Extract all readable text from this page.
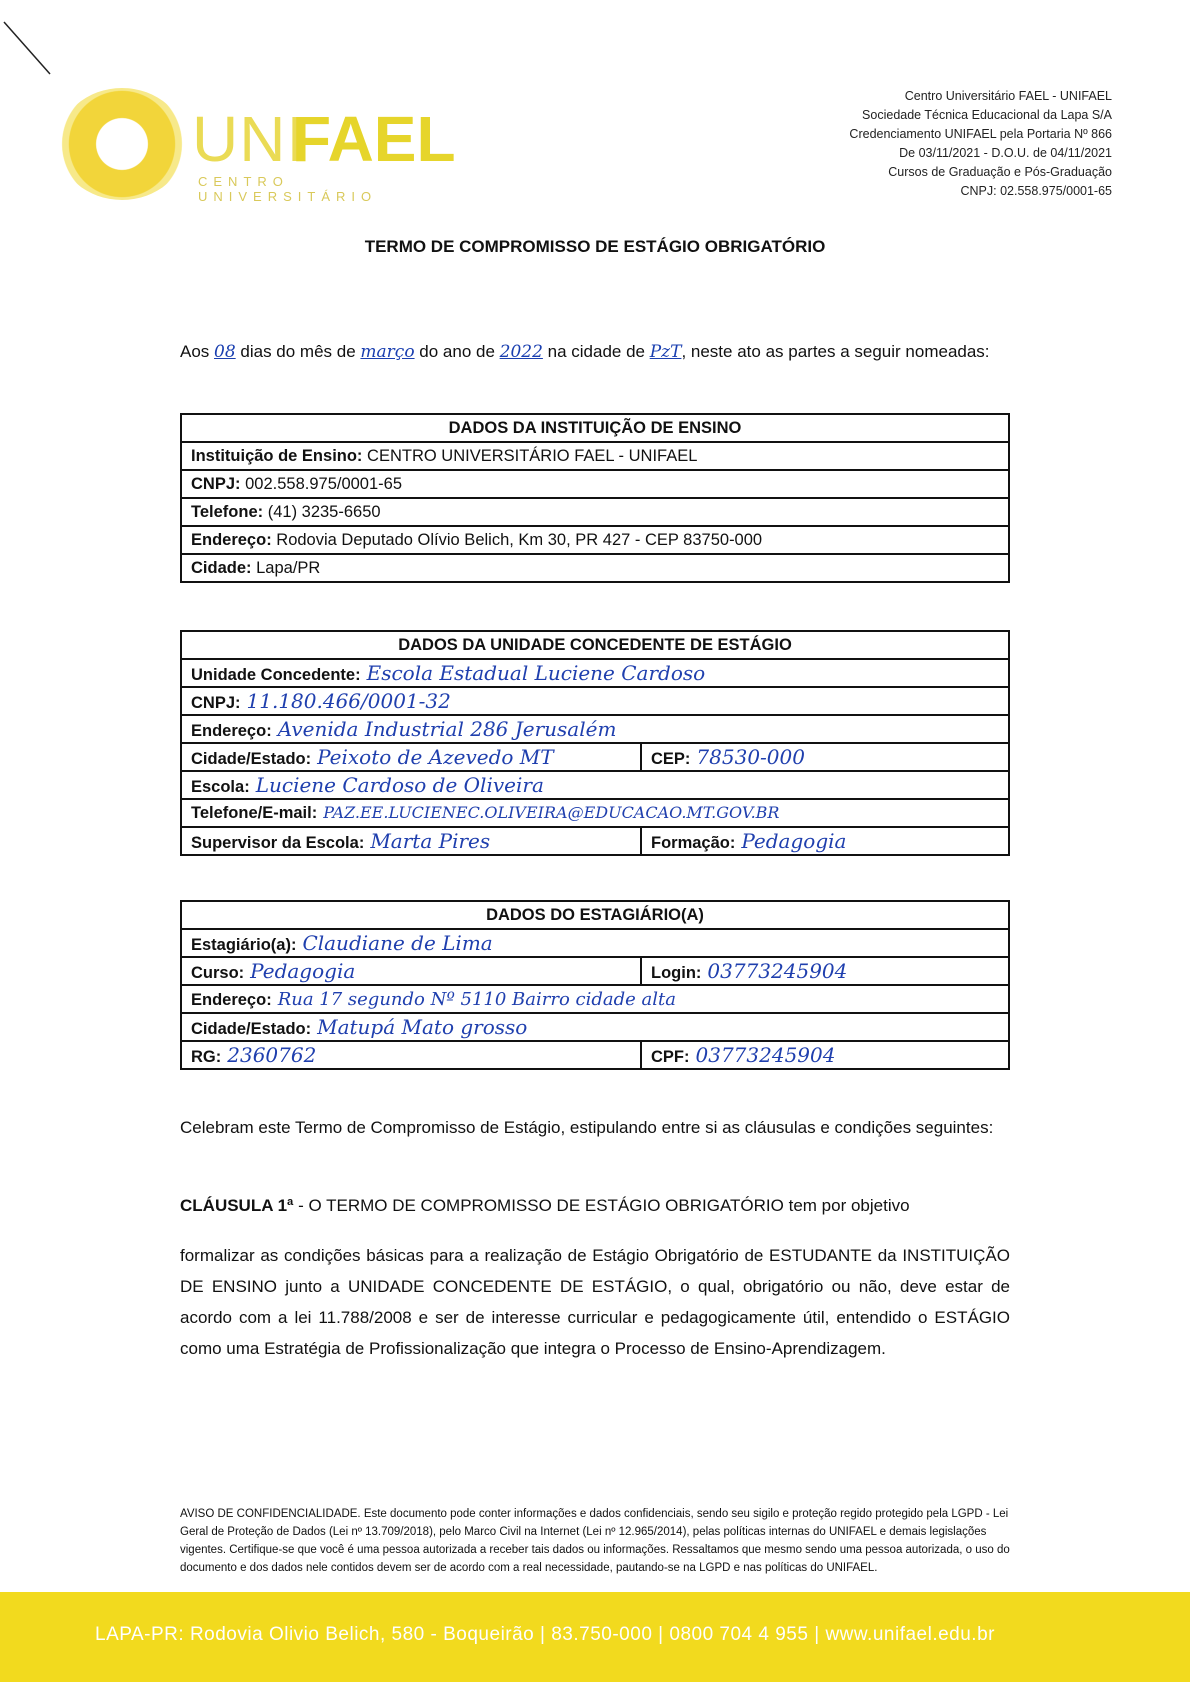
UNI
FAEL
CENTRO UNIVERSITÁRIO
Centro Universitário FAEL - UNIFAEL
Sociedade Técnica Educacional da Lapa S/A
Credenciamento UNIFAEL pela Portaria Nº 866
De 03/11/2021 - D.O.U. de 04/11/2021
Cursos de Graduação e Pós-Graduação
CNPJ: 02.558.975/0001-65
TERMO DE COMPROMISSO DE ESTÁGIO OBRIGATÓRIO
Aos 08 dias do mês de março do ano de 2022 na cidade de PzT, neste ato as partes a seguir nomeadas:
DADOS DA INSTITUIÇÃO DE ENSINO
Instituição de Ensino: CENTRO UNIVERSITÁRIO FAEL - UNIFAEL
CNPJ: 002.558.975/0001-65
Telefone: (41) 3235-6650
Endereço: Rodovia Deputado Olívio Belich, Km 30, PR 427 - CEP 83750-000
Cidade: Lapa/PR
DADOS DA UNIDADE CONCEDENTE DE ESTÁGIO	
Unidade Concedente: Escola Estadual Luciene Cardoso	
CNPJ: 11.180.466/0001-32	
Endereço: Avenida Industrial 286 Jerusalém	
Cidade/Estado: Peixoto de Azevedo MT	CEP: 78530-000
Escola: Luciene Cardoso de Oliveira	
Telefone/E-mail: PAZ.EE.LUCIENEC.OLIVEIRA@EDUCACAO.MT.GOV.BR	
Supervisor da Escola: Marta Pires	Formação: Pedagogia
DADOS DO ESTAGIÁRIO(A)	
Estagiário(a): Claudiane de Lima	
Curso: Pedagogia	Login: 03773245904
Endereço: Rua 17 segundo Nº 5110 Bairro cidade alta	
Cidade/Estado: Matupá Mato grosso	
RG: 2360762	CPF: 03773245904
Celebram este Termo de Compromisso de Estágio, estipulando entre si as cláusulas e condições seguintes:
CLÁUSULA 1ª - O TERMO DE COMPROMISSO DE ESTÁGIO OBRIGATÓRIO tem por objetivo
formalizar as condições básicas para a realização de Estágio Obrigatório de ESTUDANTE da INSTITUIÇÃO DE ENSINO junto a UNIDADE CONCEDENTE DE ESTÁGIO, o qual, obrigatório ou não, deve estar de acordo com a lei 11.788/2008 e ser de interesse curricular e pedagogicamente útil, entendido o ESTÁGIO como uma Estratégia de Profissionalização que integra o Processo de Ensino-Aprendizagem.
AVISO DE CONFIDENCIALIDADE. Este documento pode conter informações e dados confidenciais, sendo seu sigilo e proteção regido protegido pela LGPD - Lei Geral de Proteção de Dados (Lei nº 13.709/2018), pelo Marco Civil na Internet (Lei nº 12.965/2014), pelas políticas internas do UNIFAEL e demais legislações vigentes. Certifique-se que você é uma pessoa autorizada a receber tais dados ou informações. Ressaltamos que mesmo sendo uma pessoa autorizada, o uso do documento e dos dados nele contidos devem ser de acordo com a real necessidade, pautando-se na LGPD e nas políticas do UNIFAEL.
LAPA-PR: Rodovia Olivio Belich, 580 - Boqueirão | 83.750-000 | 0800 704 4 955 | www.unifael.edu.br
